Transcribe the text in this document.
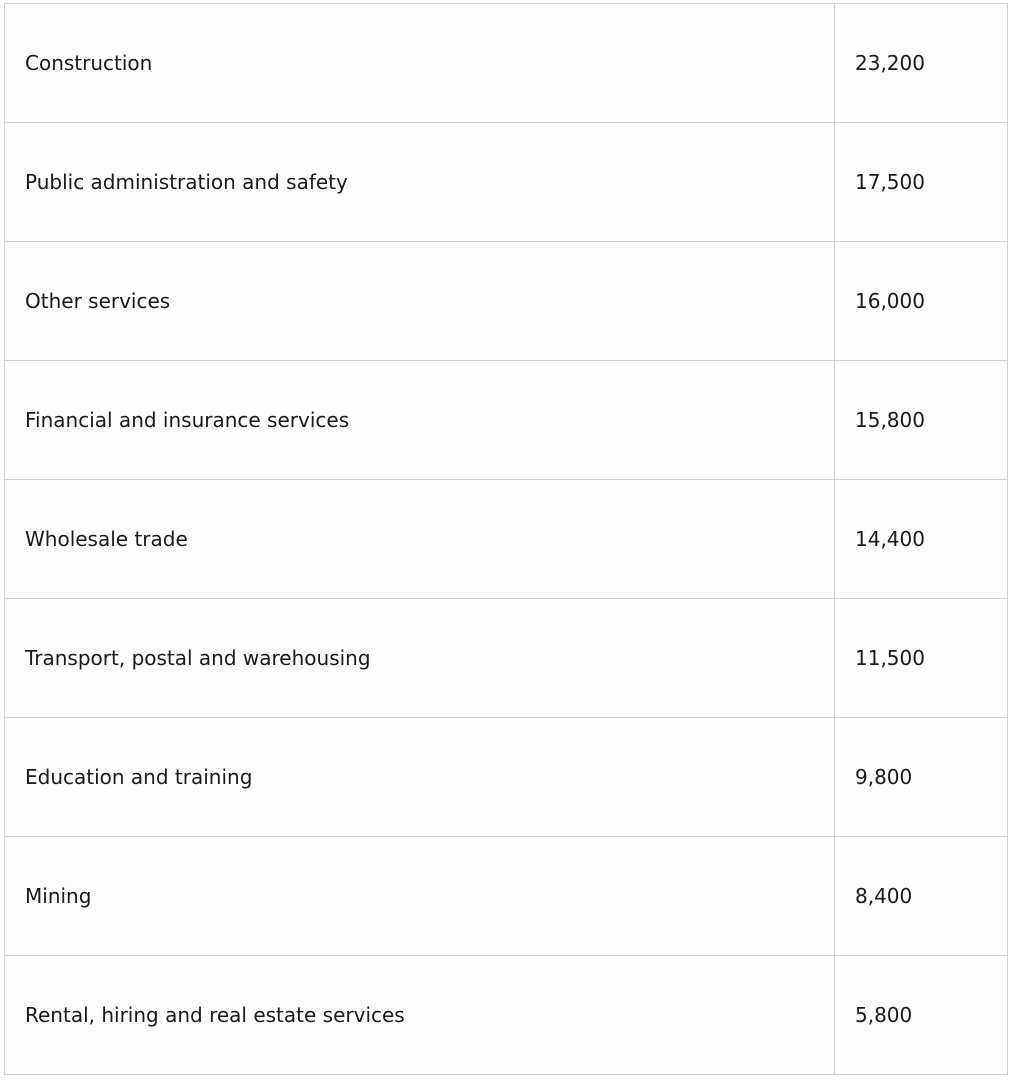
Construction	23,200
Public administration and safety	17,500
Other services	16,000
Financial and insurance services	15,800
Wholesale trade	14,400
Transport, postal and warehousing	11,500
Education and training	9,800
Mining	8,400
Rental, hiring and real estate services	5,800
